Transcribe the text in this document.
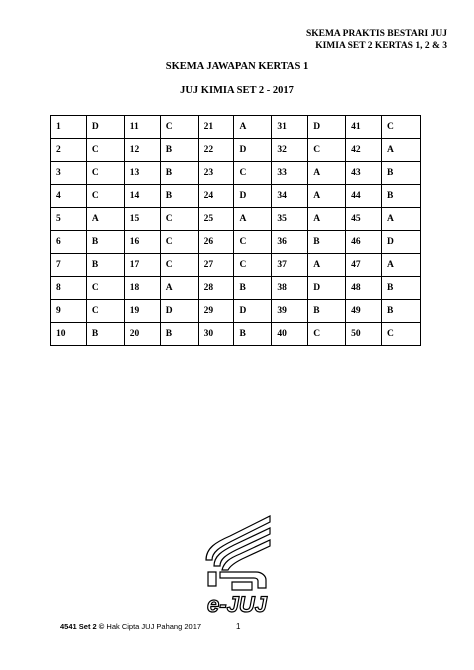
SKEMA PRAKTIS BESTARI JUJ
KIMIA SET 2 KERTAS 1, 2 & 3
SKEMA JAWAPAN KERTAS 1
JUJ KIMIA SET 2 - 2017
1	D	11	C	21	A	31	D	41	C
2	C	12	B	22	D	32	C	42	A
3	C	13	B	23	C	33	A	43	B
4	C	14	B	24	D	34	A	44	B
5	A	15	C	25	A	35	A	45	A
6	B	16	C	26	C	36	B	46	D
7	B	17	C	27	C	37	A	47	A
8	C	18	A	28	B	38	D	48	B
9	C	19	D	29	D	39	B	49	B
10	B	20	B	30	B	40	C	50	C
e-JUJ
4541 Set 2 © Hak Cipta JUJ Pahang 2017	1
